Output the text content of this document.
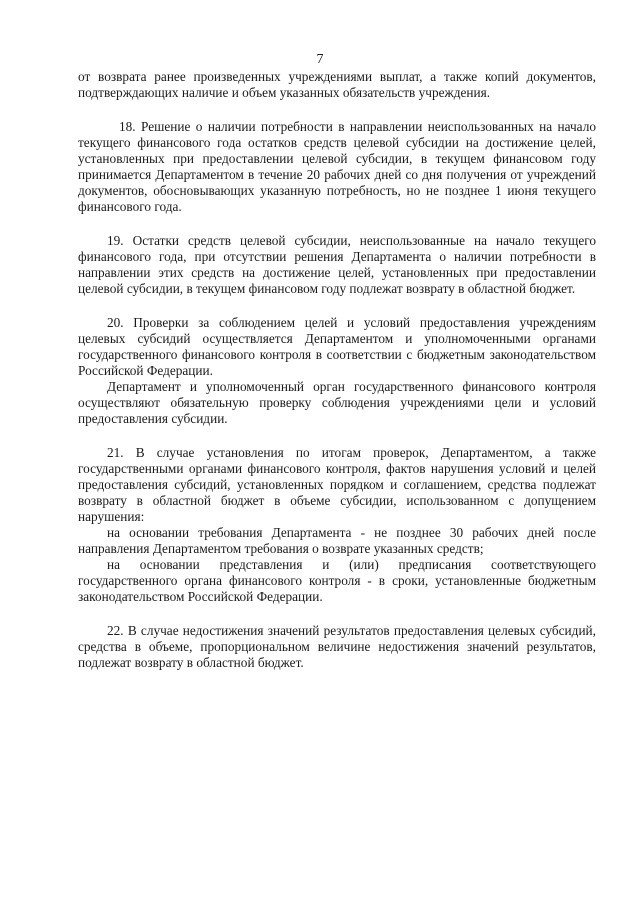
7

от возврата ранее произведенных учреждениями выплат, а также копий документов, подтверждающих наличие и объем указанных обязательств учреждения.

18. Решение о наличии потребности в направлении неиспользованных на начало текущего финансового года остатков средств целевой субсидии на достижение целей, установленных при предоставлении целевой субсидии, в текущем финансовом году принимается Департаментом в течение 20 рабочих дней со дня получения от учреждений документов, обосновывающих указанную потребность, но не позднее 1 июня текущего финансового года.

19. Остатки средств целевой субсидии, неиспользованные на начало текущего финансового года, при отсутствии решения Департамента о наличии потребности в направлении этих средств на достижение целей, установленных при предоставлении целевой субсидии, в текущем финансовом году подлежат возврату в областной бюджет.

20. Проверки за соблюдением целей и условий предоставления учреждениям целевых субсидий осуществляется Департаментом и уполномоченными органами государственного финансового контроля в соответствии с бюджетным законодательством Российской Федерации.

Департамент и уполномоченный орган государственного финансового контроля осуществляют обязательную проверку соблюдения учреждениями цели и условий предоставления субсидии.

21. В случае установления по итогам проверок, Департаментом, а также государственными органами финансового контроля, фактов нарушения условий и целей предоставления субсидий, установленных порядком и соглашением, средства подлежат возврату в областной бюджет в объеме субсидии, использованном с допущением нарушения:

на основании требования Департамента - не позднее 30 рабочих дней после направления Департаментом требования о возврате указанных средств;

на основании представления и (или) предписания соответствующего государственного органа финансового контроля - в сроки, установленные бюджетным законодательством Российской Федерации.

22. В случае недостижения значений результатов предоставления целевых субсидий, средства в объеме, пропорциональном величине недостижения значений результатов, подлежат возврату в областной бюджет.
